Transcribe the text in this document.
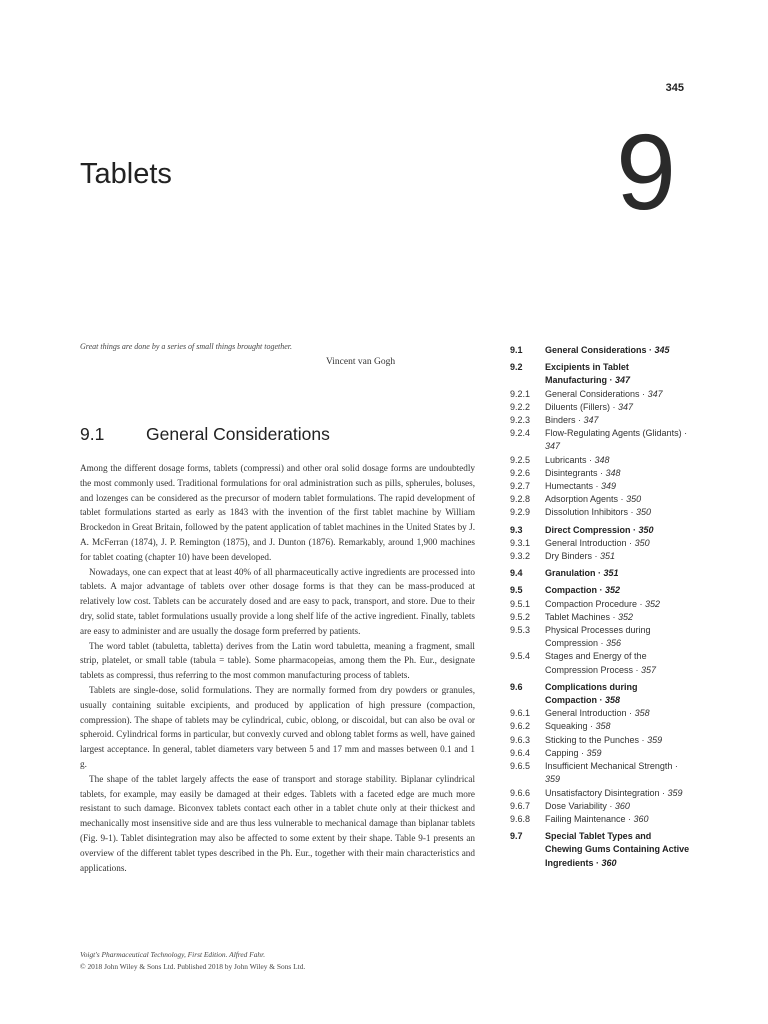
345
9
Tablets
Great things are done by a series of small things brought together.
Vincent van Gogh
9.1 General Considerations

Among the different dosage forms, tablets (compressi) and other oral solid dosage forms are undoubtedly the most commonly used. Traditional formulations for oral administration such as pills, spherules, boluses, and lozenges can be considered as the precursor of modern tablet formulations. The rapid development of tablet formulations started as early as 1843 with the invention of the first tablet machine by William Brockedon in Great Britain, followed by the patent application of tablet machines in the United States by J. A. McFerran (1874), J. P. Remington (1875), and J. Dunton (1876). Remarkably, around 1,900 machines for tablet coating (chapter 10) have been developed.

Nowadays, one can expect that at least 40% of all pharmaceutically active ingredients are processed into tablets. A major advantage of tablets over other dosage forms is that they can be mass-produced at relatively low cost. Tablets can be accurately dosed and are easy to pack, transport, and store. Due to their dry, solid state, tablet formulations usually provide a long shelf life of the active ingredient. Finally, tablets are easy to administer and are usually the dosage form preferred by patients.

The word tablet (tabuletta, tabletta) derives from the Latin word tabuletta, meaning a fragment, small strip, platelet, or small table (tabula = table). Some pharmacopeias, among them the Ph. Eur., designate tablets as compressi, thus referring to the most common manufacturing process of tablets.

Tablets are single-dose, solid formulations. They are normally formed from dry powders or granules, usually containing suitable excipients, and produced by application of high pressure (compaction, compression). The shape of tablets may be cylindrical, cubic, oblong, or discoidal, but can also be oval or spheroid. Cylindrical forms in particular, but convexly curved and oblong tablet forms as well, have gained largest acceptance. In general, tablet diameters vary between 5 and 17 mm and masses between 0.1 and 1 g.

The shape of the tablet largely affects the ease of transport and storage stability. Biplanar cylindrical tablets, for example, may easily be damaged at their edges. Tablets with a faceted edge are much more resistant to such damage. Biconvex tablets contact each other in a tablet chute only at their thickest and mechanically most insensitive side and are thus less vulnerable to mechanical damage than biplanar tablets (Fig. 9-1). Tablet disintegration may also be affected to some extent by their shape. Table 9-1 presents an overview of the different tablet types described in the Ph. Eur., together with their main characteristics and applications.

Voigt's Pharmaceutical Technology, First Edition. Alfred Fahr.
© 2018 John Wiley & Sons Ltd. Published 2018 by John Wiley & Sons Ltd.
9.1	General Considerations · 345
9.2	Excipients in Tablet Manufacturing · 347
9.2.1	General Considerations · 347
9.2.2	Diluents (Fillers) · 347
9.2.3	Binders · 347
9.2.4	Flow-Regulating Agents (Glidants) · 347
9.2.5	Lubricants · 348
9.2.6	Disintegrants · 348
9.2.7	Humectants · 349
9.2.8	Adsorption Agents · 350
9.2.9	Dissolution Inhibitors · 350
9.3	Direct Compression · 350
9.3.1	General Introduction · 350
9.3.2	Dry Binders · 351
9.4	Granulation · 351
9.5	Compaction · 352
9.5.1	Compaction Procedure · 352
9.5.2	Tablet Machines · 352
9.5.3	Physical Processes during Compression · 356
9.5.4	Stages and Energy of the Compression Process · 357
9.6	Complications during Compaction · 358
9.6.1	General Introduction · 358
9.6.2	Squeaking · 358
9.6.3	Sticking to the Punches · 359
9.6.4	Capping · 359
9.6.5	Insufficient Mechanical Strength · 359
9.6.6	Unsatisfactory Disintegration · 359
9.6.7	Dose Variability · 360
9.6.8	Failing Maintenance · 360
9.7	Special Tablet Types and Chewing Gums Containing Active Ingredients · 360
